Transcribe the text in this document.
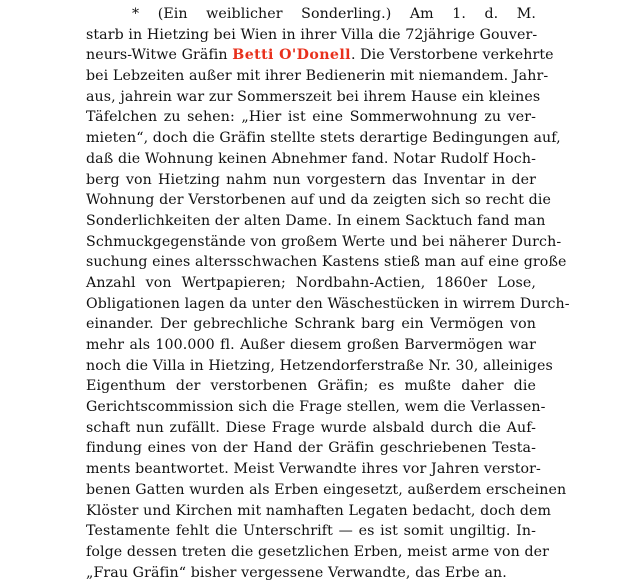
* (Ein weiblicher Sonderling.) Am 1. d. M.
starb in Hietzing bei Wien in ihrer Villa die 72jährige Gouver-
neurs-Witwe Gräfin Betti O'Donell. Die Verstorbene verkehrte
bei Lebzeiten außer mit ihrer Bedienerin mit niemandem. Jahr-
aus, jahrein war zur Sommerszeit bei ihrem Hause ein kleines
Täfelchen zu sehen: „Hier ist eine Sommerwohnung zu ver-
mieten“, doch die Gräfin stellte stets derartige Bedingungen auf,
daß die Wohnung keinen Abnehmer fand. Notar Rudolf Hoch-
berg von Hietzing nahm nun vorgestern das Inventar in der
Wohnung der Verstorbenen auf und da zeigten sich so recht die
Sonderlichkeiten der alten Dame. In einem Sacktuch fand man
Schmuckgegenstände von großem Werte und bei näherer Durch-
suchung eines altersschwachen Kastens stieß man auf eine große
Anzahl von Wertpapieren; Nordbahn-Actien, 1860er Lose,
Obligationen lagen da unter den Wäschestücken in wirrem Durch-
einander. Der gebrechliche Schrank barg ein Vermögen von
mehr als 100.000 fl. Außer diesem großen Barvermögen war
noch die Villa in Hietzing, Hetzendorferstraße Nr. 30, alleiniges
Eigenthum der verstorbenen Gräfin; es mußte daher die
Gerichtscommission sich die Frage stellen, wem die Verlassen-
schaft nun zufällt. Diese Frage wurde alsbald durch die Auf-
findung eines von der Hand der Gräfin geschriebenen Testa-
ments beantwortet. Meist Verwandte ihres vor Jahren verstor-
benen Gatten wurden als Erben eingesetzt, außerdem erscheinen
Klöster und Kirchen mit namhaften Legaten bedacht, doch dem
Testamente fehlt die Unterschrift — es ist somit ungiltig. In-
folge dessen treten die gesetzlichen Erben, meist arme von der
„Frau Gräfin“ bisher vergessene Verwandte, das Erbe an.
